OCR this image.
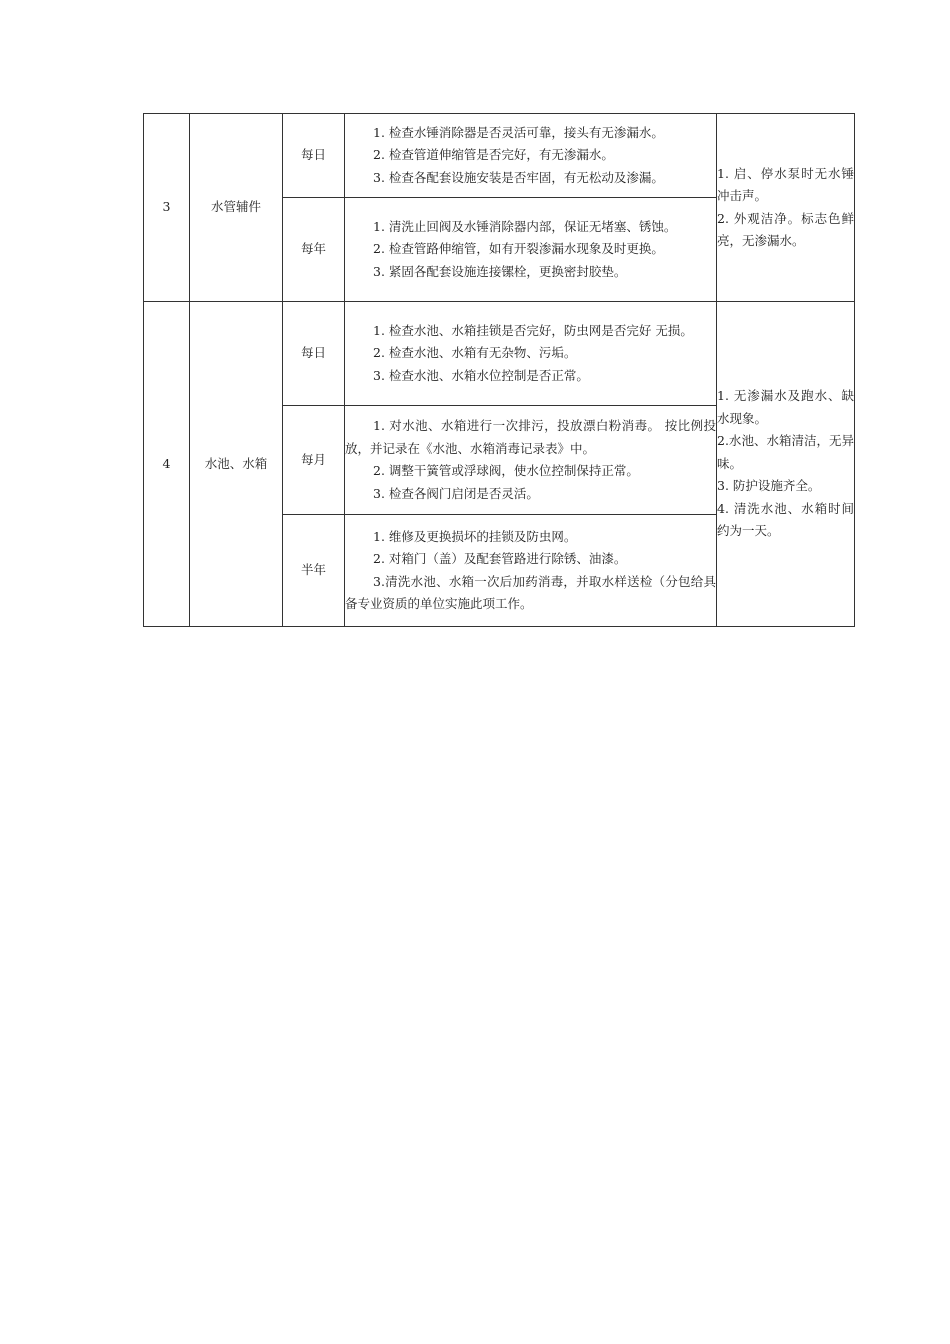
3	水管辅件	每日	1. 检查水锤消除器是否灵活可靠，接头有无渗漏水。
2. 检查管道伸缩管是否完好，有无渗漏水。
3. 检查各配套设施安装是否牢固，有无松动及渗漏。	1. 启、停水泵时无水锤冲击声。
2. 外观洁净。标志色鲜亮，无渗漏水。

		每年	1. 清洗止回阀及水锤消除器内部，保证无堵塞、锈蚀。
2. 检查管路伸缩管，如有开裂渗漏水现象及时更换。
3. 紧固各配套设施连接镙栓，更换密封胶垫。	

4	水池、水箱	每日	1. 检查水池、水箱挂锁是否完好，防虫网是否完好 无损。
2. 检查水池、水箱有无杂物、污垢。
3. 检查水池、水箱水位控制是否正常。	1. 无渗漏水及跑水、缺水现象。
2.水池、水箱清洁，无异味。
3. 防护设施齐全。
4. 清洗水池、水箱时间约为一天。

		每月	1. 对水池、水箱进行一次排污，投放漂白粉消毒。 按比例投放，并记录在《水池、水箱消毒记录表》中。
2. 调整干簧管或浮球阀，使水位控制保持正常。
3. 检查各阀门启闭是否灵活。	

		半年	1. 维修及更换损坏的挂锁及防虫网。
2. 对箱门（盖）及配套管路进行除锈、油漆。
3.清洗水池、水箱一次后加药消毒，并取水样送检（分包给具备专业资质的单位实施此项工作。	
